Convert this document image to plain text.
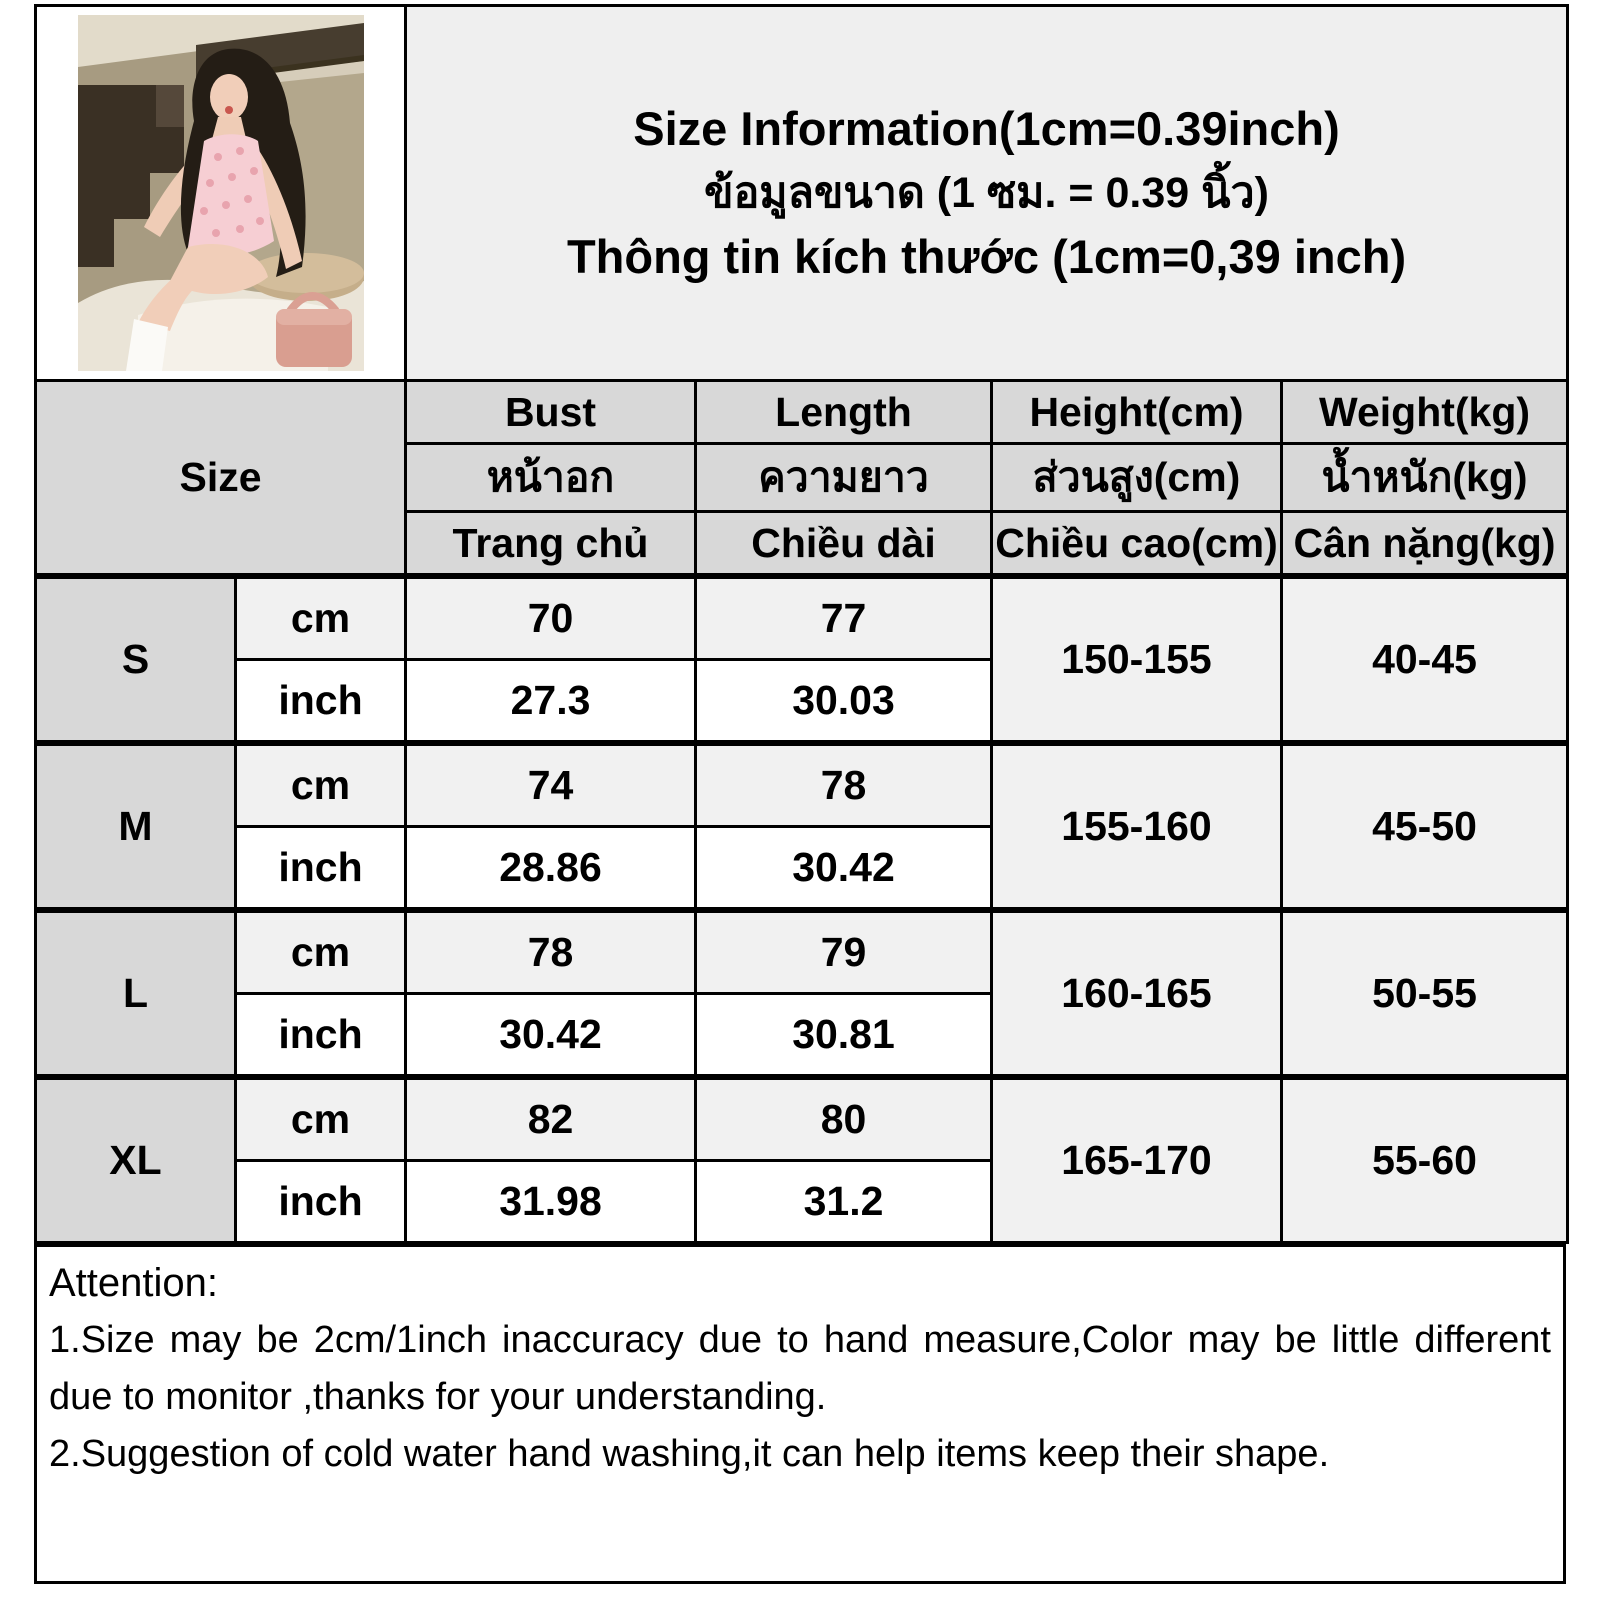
Size Information(1cm=0.39inch)
ข้อมูลขนาด (1 ซม. = 0.39 นิ้ว)
Thông tin kích thước (1cm=0,39 inch)			

Size		Bust	Length	Height(cm)	Weight(kg)
		หน้าอก	ความยาว	ส่วนสูง(cm)	น้ำหนัก(kg)
		Trang chủ	Chiều dài	Chiều cao(cm)	Cân nặng(kg)
S	cm	70	77	150-155	40-45
	inch	27.3	30.03		
M	cm	74	78	155-160	45-50
	inch	28.86	30.42		
L	cm	78	79	160-165	50-55
	inch	30.42	30.81		
XL	cm	82	80	165-170	55-60
	inch	31.98	31.2		
Attention:

1.Size may be 2cm/1inch inaccuracy due to hand measure,Color may be little different due to monitor ,thanks for your understanding.

2.Suggestion of cold water hand washing,it can help items keep their shape.
